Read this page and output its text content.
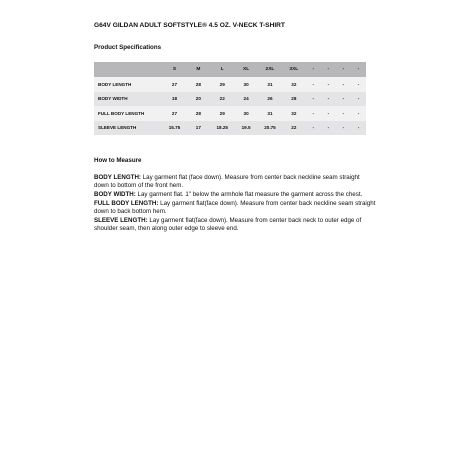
G64V GILDAN ADULT SOFTSTYLE® 4.5 OZ. V-NECK T-SHIRT
Product Specifications
	S	M	L	XL	2XL	3XL	-	-	-	-
BODY LENGTH	27	28	29	30	31	32	-	-	-	-
BODY WIDTH	18	20	22	24	26	28	-	-	-	-
FULL BODY LENGTH	27	28	29	30	31	32	-	-	-	-
SLEEVE LENGTH	15.75	17	18.25	19.5	20.75	22	-	-	-	-
How to Measure

BODY LENGTH: Lay garment flat (face down). Measure from center back neckline seam straight down to bottom of the front hem.

BODY WIDTH: Lay garment flat. 1" below the armhole flat measure the garment across the chest.

FULL BODY LENGTH: Lay garment flat(face down). Measure from center back neckline seam straight down to back bottom hem.

SLEEVE LENGTH: Lay garment flat(face down). Measure from center back neck to outer edge of shoulder seam, then along outer edge to sleeve end.
